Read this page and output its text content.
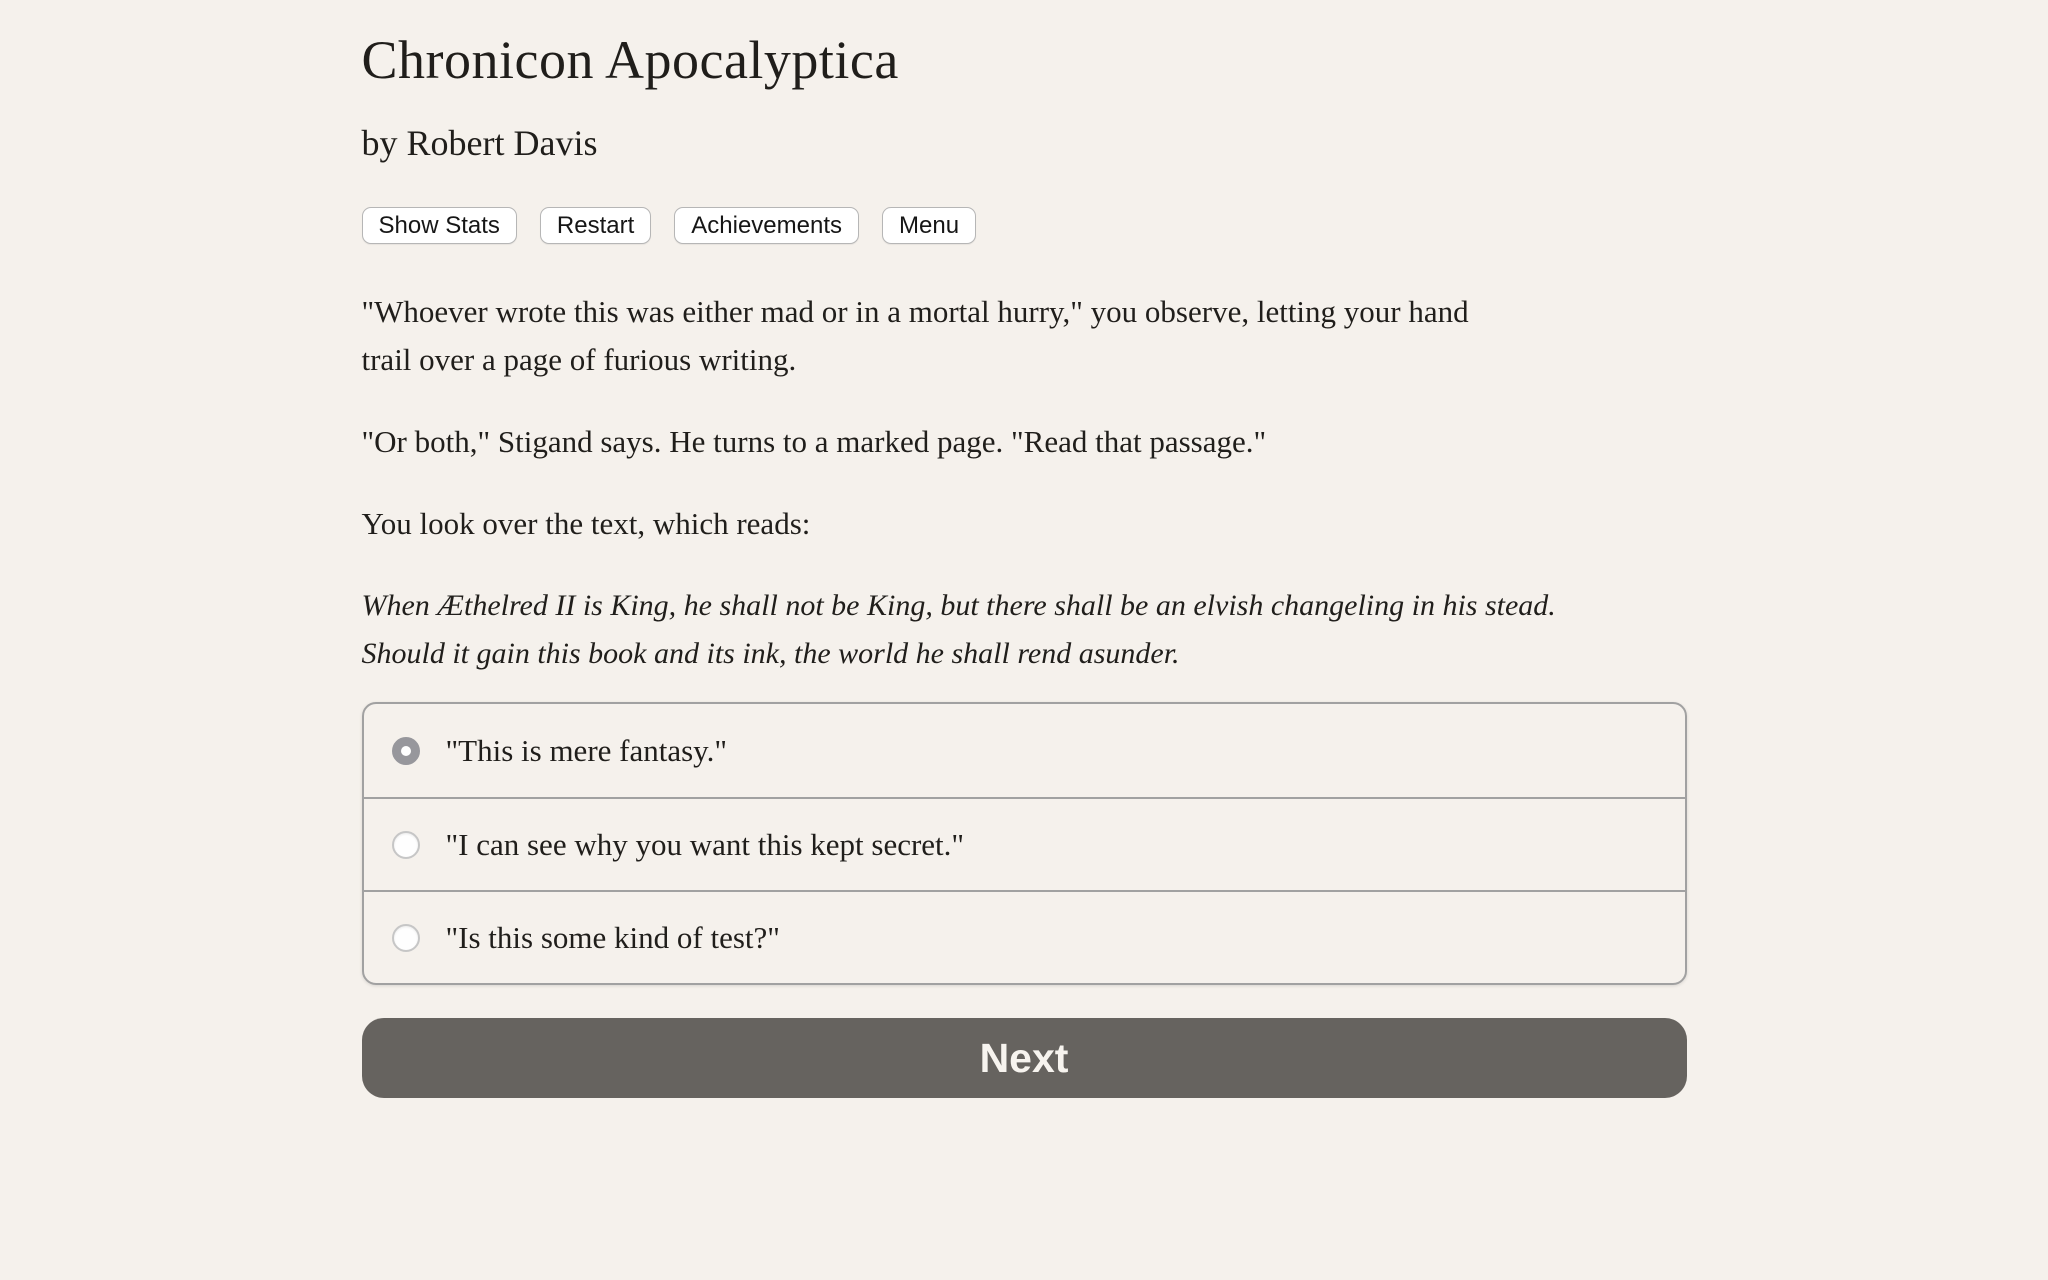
Chronicon Apocalyptica
by Robert Davis
Show Stats	Restart	Achievements	Menu

"Whoever wrote this was either mad or in a mortal hurry," you observe, letting your hand
trail over a page of furious writing.

"Or both," Stigand says. He turns to a marked page. "Read that passage."

You look over the text, which reads:

When Æthelred II is King, he shall not be King, but there shall be an elvish changeling in his stead.
Should it gain this book and its ink, the world he shall rend asunder.

"This is mere fantasy."
"I can see why you want this kept secret."
"Is this some kind of test?"
Next
